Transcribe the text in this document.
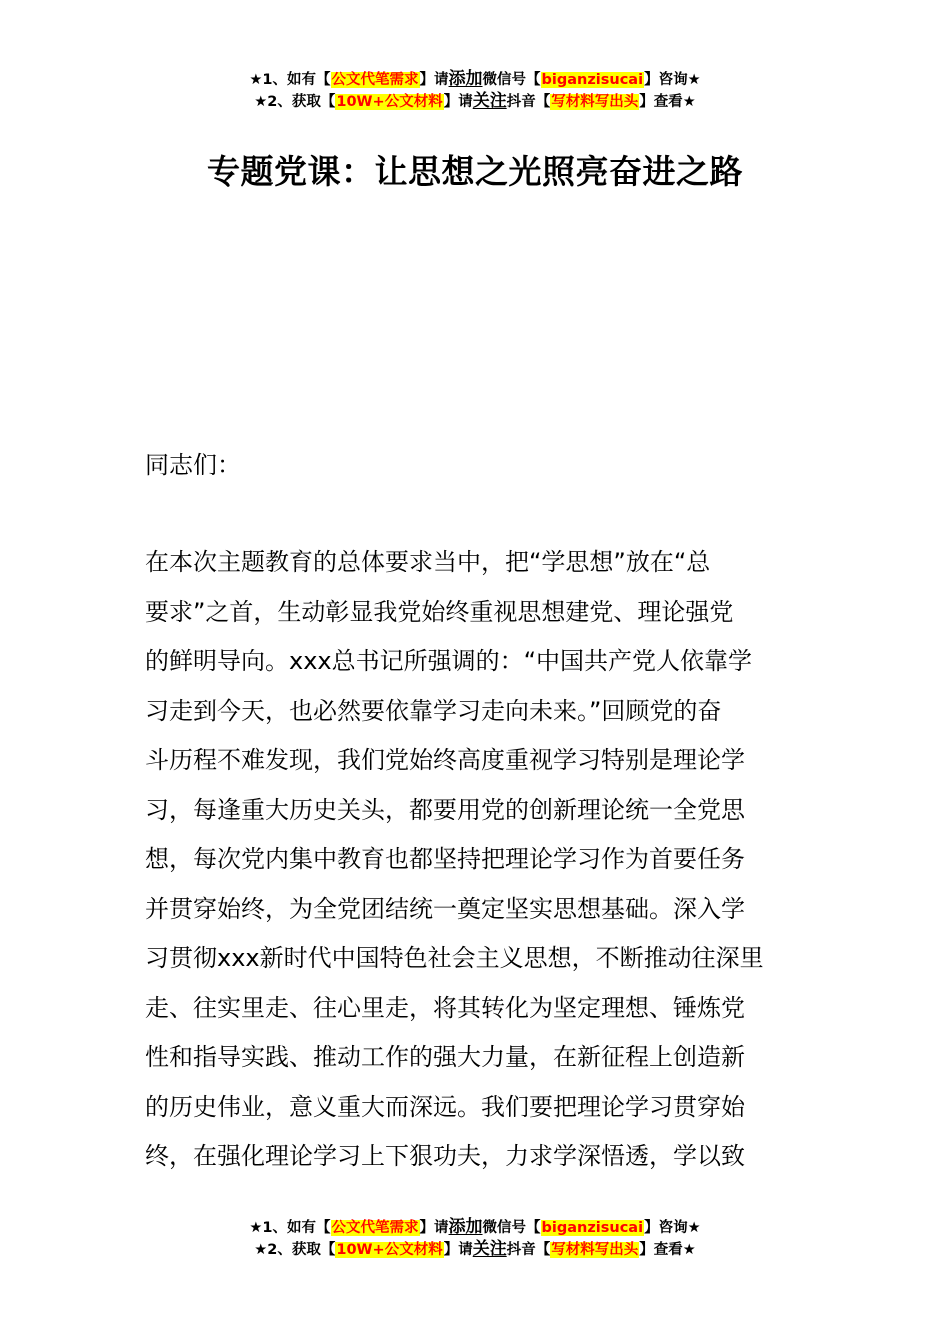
★1、如有【公文代笔需求】请添加微信号【biganzisucai】咨询★
★2、获取【10W+公文材料】请关注抖音【写材料写出头】查看★
专题党课：让思想之光照亮奋进之路

同志们：

在本次主题教育的总体要求当中，把“学思想”放在“总
要求”之首，生动彰显我党始终重视思想建党、理论强党
的鲜明导向。xxx总书记所强调的：“中国共产党人依靠学
习走到今天，也必然要依靠学习走向未来。”回顾党的奋
斗历程不难发现，我们党始终高度重视学习特别是理论学
习，每逢重大历史关头，都要用党的创新理论统一全党思
想，每次党内集中教育也都坚持把理论学习作为首要任务
并贯穿始终，为全党团结统一奠定坚实思想基础。深入学
习贯彻xxx新时代中国特色社会主义思想，不断推动往深里
走、往实里走、往心里走，将其转化为坚定理想、锤炼党
性和指导实践、推动工作的强大力量，在新征程上创造新
的历史伟业，意义重大而深远。我们要把理论学习贯穿始
终，在强化理论学习上下狠功夫，力求学深悟透，学以致
★1、如有【公文代笔需求】请添加微信号【biganzisucai】咨询★
★2、获取【10W+公文材料】请关注抖音【写材料写出头】查看★
